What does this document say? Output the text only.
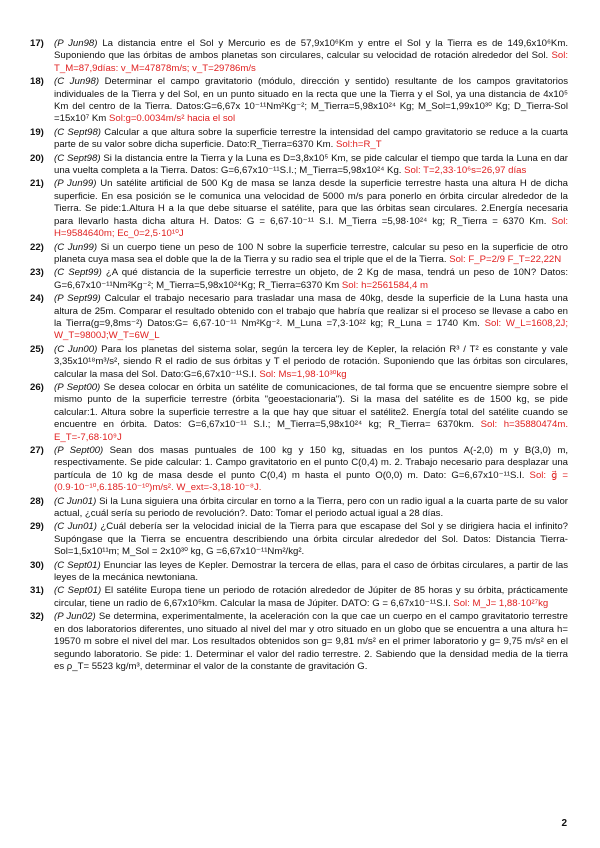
17)	(P Jun98) La distancia entre el Sol y Mercurio es de 57,9x10⁶Km y entre el Sol y la Tierra es de 149,6x10⁶Km. Suponiendo que las órbitas de ambos planetas son circulares, calcular su velocidad de rotación alrededor del Sol. Sol: T_M=87,9días: v_M=47878m/s; v_T=29786m/s
18)	(C Jun98) Determinar el campo gravitatorio (módulo, dirección y sentido) resultante de los campos gravitatorios individuales de la Tierra y del Sol, en un punto situado en la recta que une la Tierra y el Sol, ya una distancia de 4x10⁵ Km del centro de la Tierra. Datos:G=6,67x 10⁻¹¹Nm²Kg⁻²; M_Tierra=5,98x10²⁴ Kg; M_Sol=1,99x10³⁰ Kg; D_Tierra-Sol =15x10⁷ Km Sol:g=0.0034m/s² hacia el sol
19)	(C Sept98) Calcular a que altura sobre la superficie terrestre la intensidad del campo gravitatorio se reduce a la cuarta parte de su valor sobre dicha superficie. Dato:R_Tierra=6370 Km. Sol:h=R_T
20)	(C Sept98) Si la distancia entre la Tierra y la Luna es D=3,8x10⁵ Km, se pide calcular el tiempo que tarda la Luna en dar una vuelta completa a la Tierra. Datos: G=6,67x10⁻¹¹S.I.; M_Tierra=5,98x10²⁴ Kg. Sol: T=2,33·10⁶s=26,97 días
21)	(P Jun99) Un satélite artificial de 500 Kg de masa se lanza desde la superficie terrestre hasta una altura H de dicha superficie. En esa posición se le comunica una velocidad de 5000 m/s para ponerlo en órbita circular alrededor de la Tierra. Se pide:1.Altura H a la que debe situarse el satélite, para que las órbitas sean circulares. 2.Energía necesaria para llevarlo hasta dicha altura H. Datos: G = 6,67·10⁻¹¹ S.I. M_Tierra =5,98·10²⁴ kg; R_Tierra = 6370 Km. Sol: H=9584640m; Ec_0=2,5·10¹⁰J
22)	(C Jun99) Si un cuerpo tiene un peso de 100 N sobre la superficie terrestre, calcular su peso en la superficie de otro planeta cuya masa sea el doble que la de la Tierra y su radio sea el triple que el de la Tierra. Sol: F_P=2/9 F_T=22,22N
23)	(C Sept99) ¿A qué distancia de la superficie terrestre un objeto, de 2 Kg de masa, tendrá un peso de 10N? Datos: G=6,67x10⁻¹¹Nm²Kg⁻²; M_Tierra=5,98x10²⁴Kg; R_Tierra=6370 Km Sol: h=2561584,4 m
24)	(P Sept99) Calcular el trabajo necesario para trasladar una masa de 40kg, desde la superficie de la Luna hasta una altura de 25m. Comparar el resultado obtenido con el trabajo que habría que realizar si el proceso se llevase a cabo en la Tierra(g=9,8ms⁻²) Datos:G= 6,67·10⁻¹¹ Nm²Kg⁻². M_Luna =7,3·10²² kg; R_Luna = 1740 Km. Sol: W_L=1608,2J; W_T=9800J;W_T=6W_L
25)	(C Jun00) Para los planetas del sistema solar, según la tercera ley de Kepler, la relación R³ / T² es constante y vale 3,35x10¹⁸m³/s², siendo R el radio de sus órbitas y T el periodo de rotación. Suponiendo que las órbitas son circulares, calcular la masa del Sol. Dato:G=6,67x10⁻¹¹S.I. Sol: Ms=1,98·10³⁰kg
26)	(P Sept00) Se desea colocar en órbita un satélite de comunicaciones, de tal forma que se encuentre siempre sobre el mismo punto de la superficie terrestre (órbita "geoestacionaria"). Si la masa del satélite es de 1500 kg, se pide calcular:1. Altura sobre la superficie terrestre a la que hay que situar el satélite2. Energía total del satélite cuando se encuentre en órbita. Datos: G=6,67x10⁻¹¹ S.I.; M_Tierra=5,98x10²⁴ kg; R_Tierra= 6370km. Sol: h=35880474m. E_T=-7,68·10⁹J
27)	(P Sept00) Sean dos masas puntuales de 100 kg y 150 kg, situadas en los puntos A(-2,0) m y B(3,0) m, respectivamente. Se pide calcular: 1. Campo gravitatorio en el punto C(0,4) m. 2. Trabajo necesario para desplazar una partícula de 10 kg de masa desde el punto C(0,4) m hasta el punto O(0,0) m. Dato: G=6,67x10⁻¹¹S.I. Sol: g⃗ = (0.9·10⁻¹⁰,6.185·10⁻¹⁰)m/s². W_ext=-3,18·10⁻⁸J.
28)	(C Jun01) Si la Luna siguiera una órbita circular en torno a la Tierra, pero con un radio igual a la cuarta parte de su valor actual, ¿cuál sería su periodo de revolución?. Dato: Tomar el periodo actual igual a 28 días.
29)	(C Jun01) ¿Cuál debería ser la velocidad inicial de la Tierra para que escapase del Sol y se dirigiera hacia el infinito? Supóngase que la Tierra se encuentra describiendo una órbita circular alrededor del Sol. Datos: Distancia Tierra-Sol=1,5x10¹¹m; M_Sol = 2x10³⁰ kg, G =6,67x10⁻¹¹Nm²/kg².
30)	(C Sept01) Enunciar las leyes de Kepler. Demostrar la tercera de ellas, para el caso de órbitas circulares, a partir de las leyes de la mecánica newtoniana.
31)	(C Sept01) El satélite Europa tiene un periodo de rotación alrededor de Júpiter de 85 horas y su órbita, prácticamente circular, tiene un radio de 6,67x10⁵km. Calcular la masa de Júpiter. DATO: G = 6,67x10⁻¹¹S.I. Sol: M_J= 1,88·10²⁷kg
32)	(P Jun02) Se determina, experimentalmente, la aceleración con la que cae un cuerpo en el campo gravitatorio terrestre en dos laboratorios diferentes, uno situado al nivel del mar y otro situado en un globo que se encuentra a una altura h= 19570 m sobre el nivel del mar. Los resultados obtenidos son g= 9,81 m/s² en el primer laboratorio y g= 9,75 m/s² en el segundo laboratorio. Se pide: 1. Determinar el valor del radio terrestre. 2. Sabiendo que la densidad media de la tierra es ρ_T= 5523 kg/m³, determinar el valor de la constante de gravitación G.
2
